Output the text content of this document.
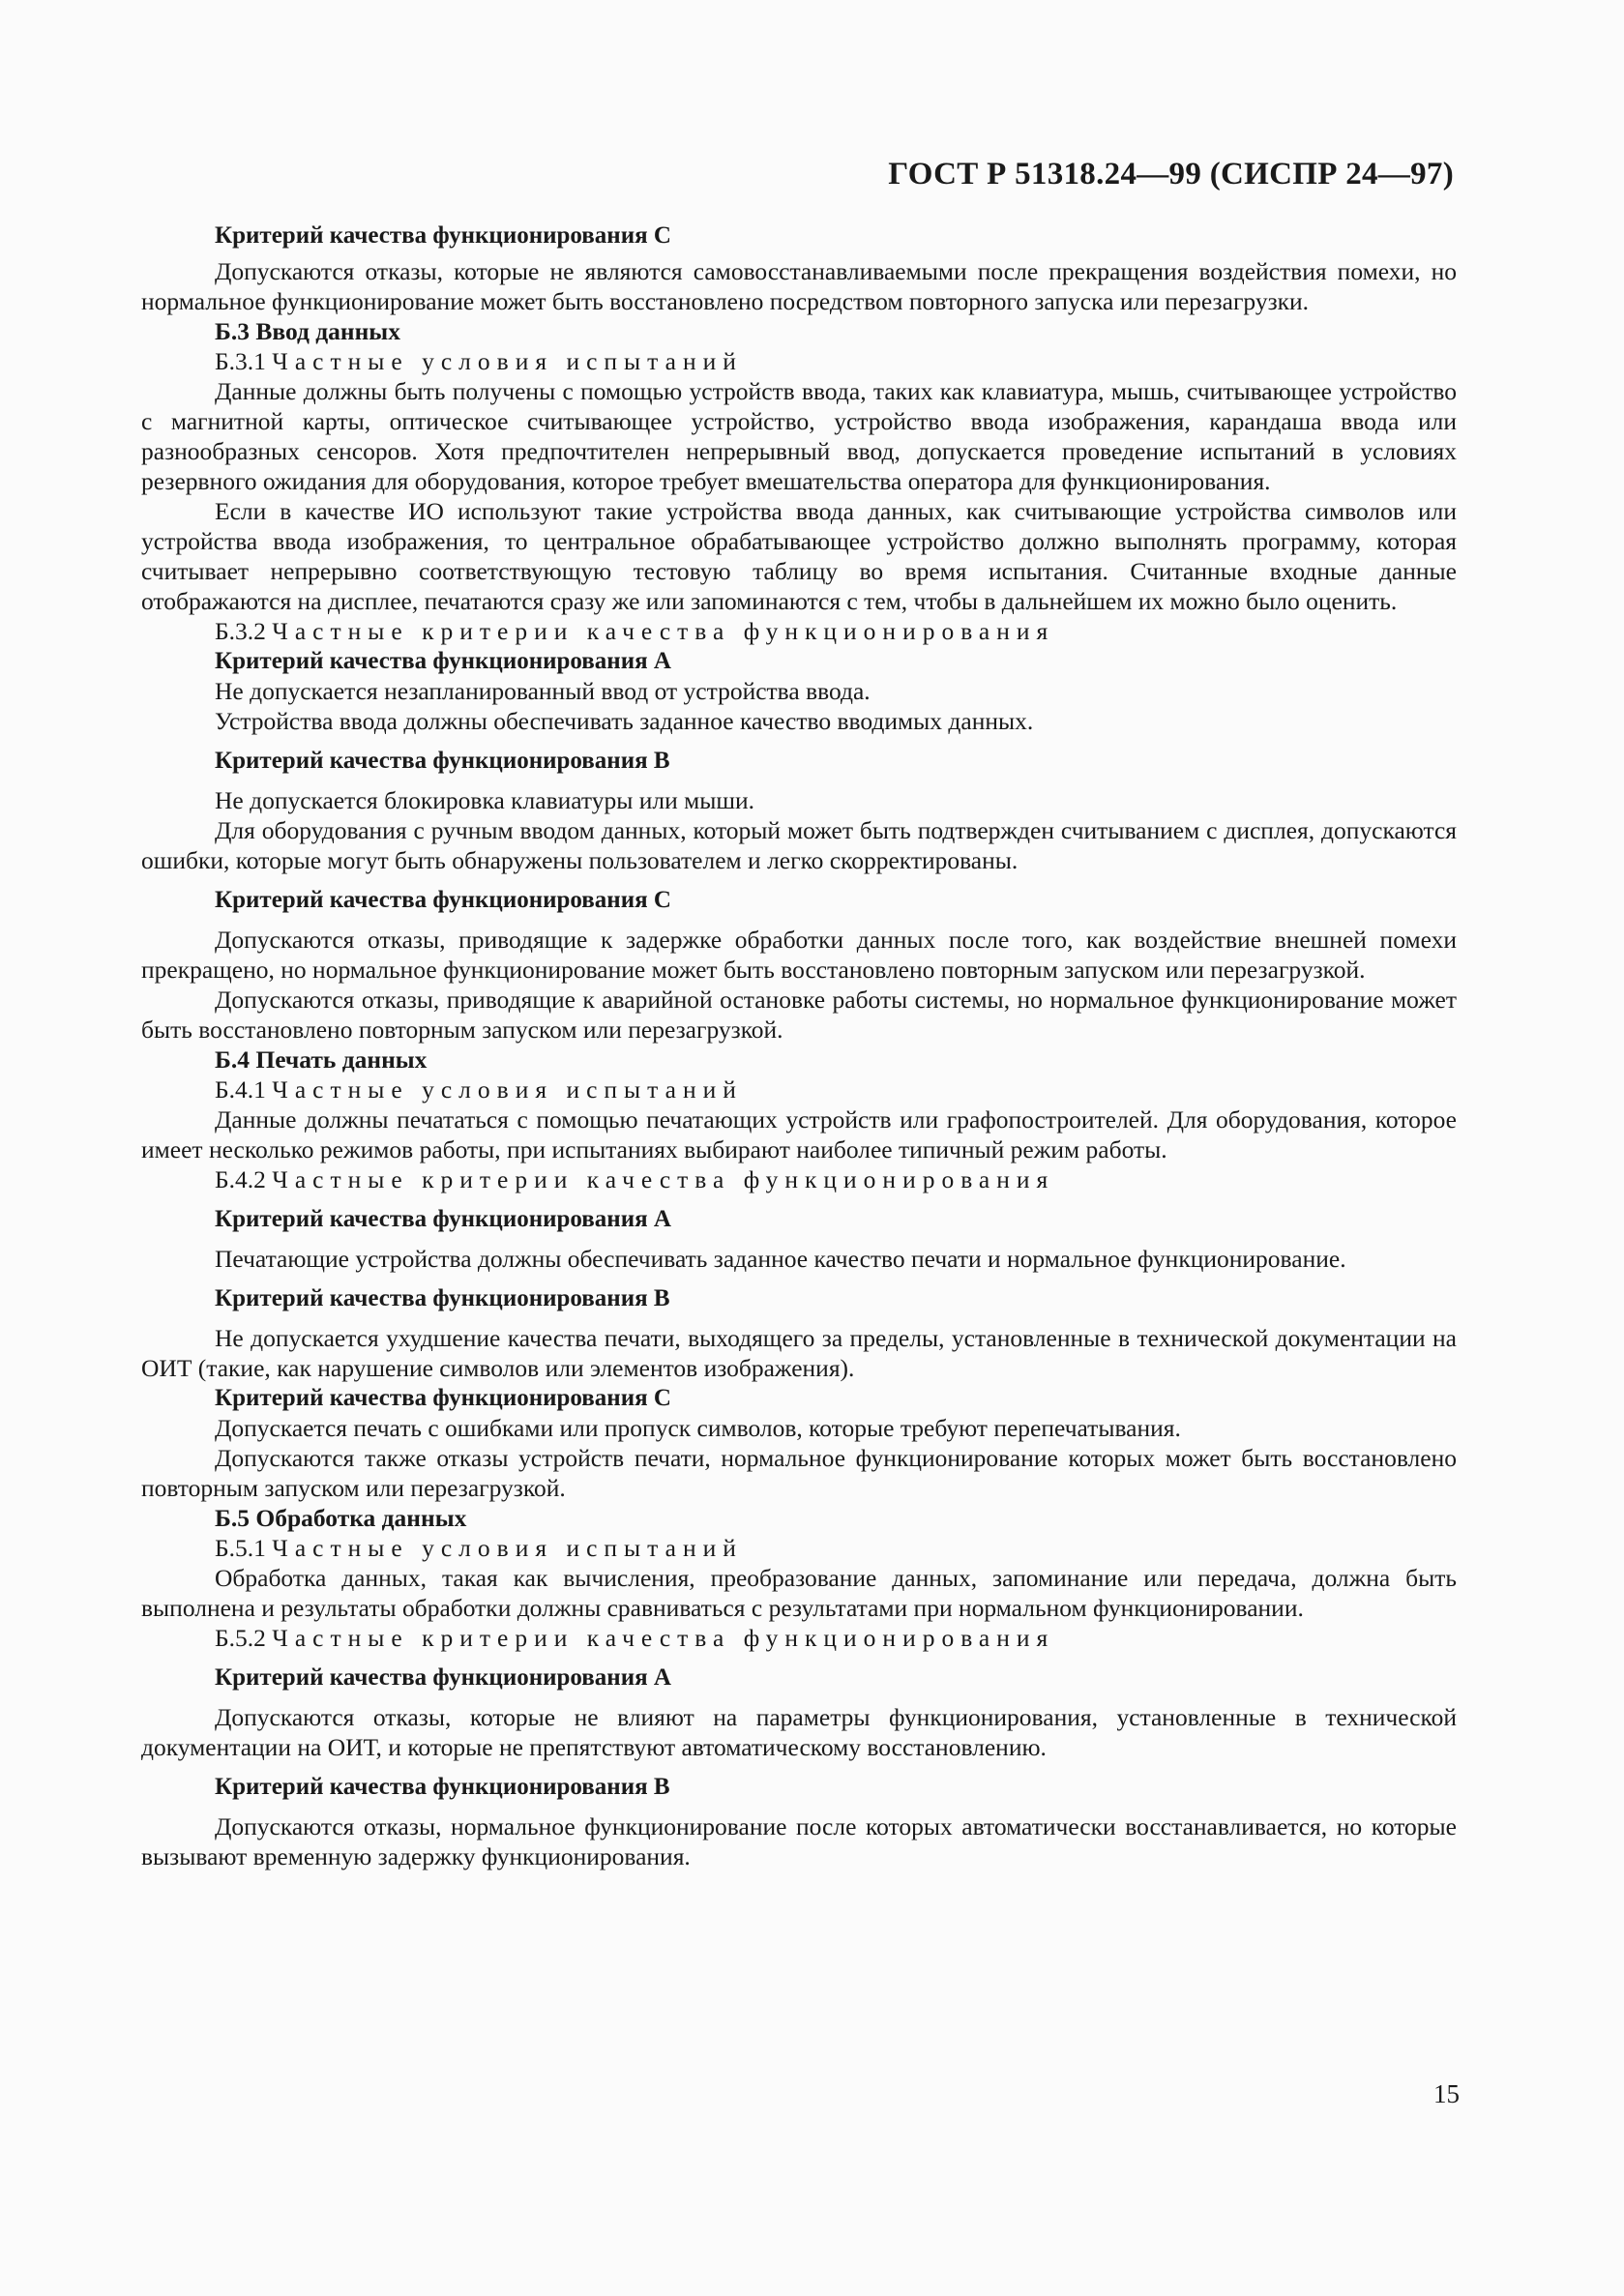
ГОСТ Р 51318.24—99 (СИСПР 24—97)

Критерий качества функционирования С

Допускаются отказы, которые не являются самовосстанавливаемыми после прекращения воздействия помехи, но нормальное функционирование может быть восстановлено посредством повторного запуска или перезагрузки.

Б.3 Ввод данных

Б.3.1 Частные условия испытаний

Данные должны быть получены с помощью устройств ввода, таких как клавиатура, мышь, считывающее устройство с магнитной карты, оптическое считывающее устройство, устройство ввода изображения, карандаша ввода или разнообразных сенсоров. Хотя предпочтителен непрерывный ввод, допускается проведение испытаний в условиях резервного ожидания для оборудования, которое требует вмешательства оператора для функционирования.

Если в качестве ИО используют такие устройства ввода данных, как считывающие устройства символов или устройства ввода изображения, то центральное обрабатывающее устройство должно выполнять программу, которая считывает непрерывно соответствующую тестовую таблицу во время испытания. Считанные входные данные отображаются на дисплее, печатаются сразу же или запоминаются с тем, чтобы в дальнейшем их можно было оценить.

Б.3.2 Частные критерии качества функционирования

Критерий качества функционирования А

Не допускается незапланированный ввод от устройства ввода.

Устройства ввода должны обеспечивать заданное качество вводимых данных.

Критерий качества функционирования В

Не допускается блокировка клавиатуры или мыши.

Для оборудования с ручным вводом данных, который может быть подтвержден считыванием с дисплея, допускаются ошибки, которые могут быть обнаружены пользователем и легко скорректированы.

Критерий качества функционирования С

Допускаются отказы, приводящие к задержке обработки данных после того, как воздействие внешней помехи прекращено, но нормальное функционирование может быть восстановлено повторным запуском или перезагрузкой.

Допускаются отказы, приводящие к аварийной остановке работы системы, но нормальное функционирование может быть восстановлено повторным запуском или перезагрузкой.

Б.4 Печать данных

Б.4.1 Частные условия испытаний

Данные должны печататься с помощью печатающих устройств или графопостроителей. Для оборудования, которое имеет несколько режимов работы, при испытаниях выбирают наиболее типичный режим работы.

Б.4.2 Частные критерии качества функционирования

Критерий качества функционирования А

Печатающие устройства должны обеспечивать заданное качество печати и нормальное функционирование.

Критерий качества функционирования В

Не допускается ухудшение качества печати, выходящего за пределы, установленные в технической документации на ОИТ (такие, как нарушение символов или элементов изображения).

Критерий качества функционирования С

Допускается печать с ошибками или пропуск символов, которые требуют перепечатывания.

Допускаются также отказы устройств печати, нормальное функционирование которых может быть восстановлено повторным запуском или перезагрузкой.

Б.5 Обработка данных

Б.5.1 Частные условия испытаний

Обработка данных, такая как вычисления, преобразование данных, запоминание или передача, должна быть выполнена и результаты обработки должны сравниваться с результатами при нормальном функционировании.

Б.5.2 Частные критерии качества функционирования

Критерий качества функционирования А

Допускаются отказы, которые не влияют на параметры функционирования, установленные в технической документации на ОИТ, и которые не препятствуют автоматическому восстановлению.

Критерий качества функционирования В

Допускаются отказы, нормальное функционирование после которых автоматически восстанавливается, но которые вызывают временную задержку функционирования.

15
